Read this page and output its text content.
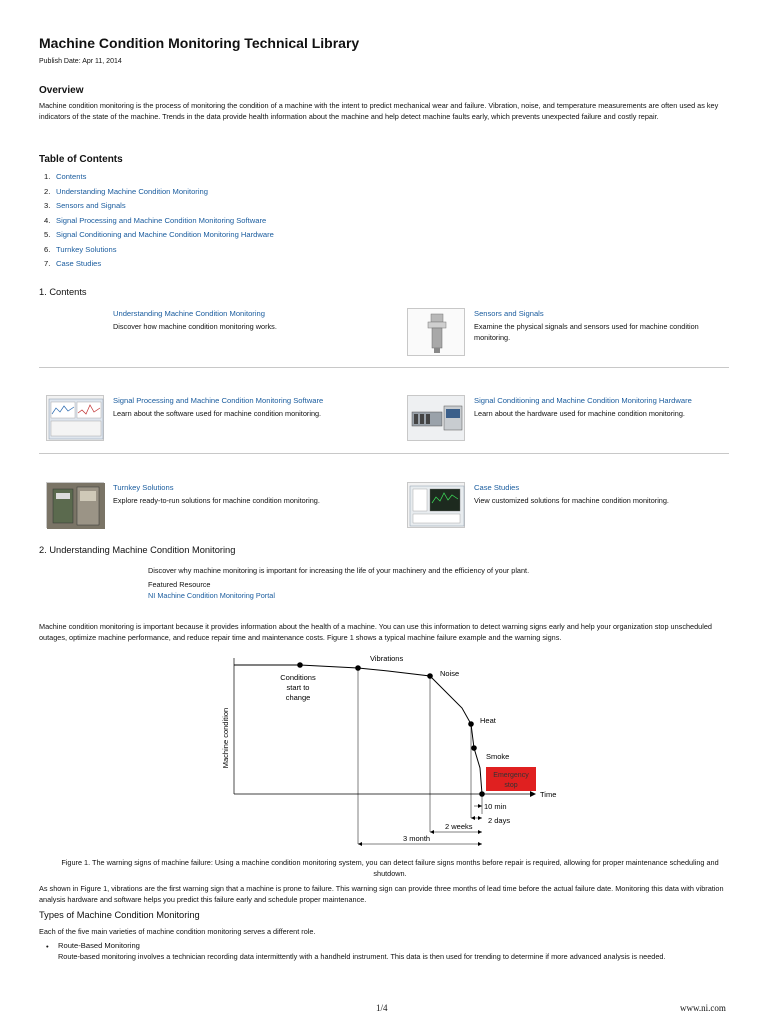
Machine Condition Monitoring Technical Library
Publish Date: Apr 11, 2014
Overview
Machine condition monitoring is the process of monitoring the condition of a machine with the intent to predict mechanical wear and failure. Vibration, noise, and temperature measurements are often used as key indicators of the state of the machine. Trends in the data provide health information about the machine and help detect machine faults early, which prevents unexpected failure and costly repair.
Table of Contents
1. Contents
2. Understanding Machine Condition Monitoring
3. Sensors and Signals
4. Signal Processing and Machine Condition Monitoring Software
5. Signal Conditioning and Machine Condition Monitoring Hardware
6. Turnkey Solutions
7. Case Studies
1. Contents
Understanding Machine Condition Monitoring
Discover how machine condition monitoring works.
Sensors and Signals
Examine the physical signals and sensors used for machine condition monitoring.
Signal Processing and Machine Condition Monitoring Software
Learn about the software used for machine condition monitoring.
Signal Conditioning and Machine Condition Monitoring Hardware
Learn about the hardware used for machine condition monitoring.
Turnkey Solutions
Explore ready-to-run solutions for machine condition monitoring.
Case Studies
View customized solutions for machine condition monitoring.
2. Understanding Machine Condition Monitoring
Discover why machine monitoring is important for increasing the life of your machinery and the efficiency of your plant.
Featured Resource
NI Machine Condition Monitoring Portal
Machine condition monitoring is important because it provides information about the health of a machine. You can use this information to detect warning signs early and help your organization stop unscheduled outages, optimize machine performance, and reduce repair time and maintenance costs. Figure 1 shows a typical machine failure example and the warning signs.
Machine condition
Time
Conditions
start to
change
Vibrations
Noise
Heat
Smoke
Emergency
stop
10 min
2 days
2 weeks
3 month
Figure 1. The warning signs of machine failure: Using a machine condition monitoring system, you can detect failure signs months before repair is required, allowing for proper maintenance scheduling and shutdown.
As shown in Figure 1, vibrations are the first warning sign that a machine is prone to failure. This warning sign can provide three months of lead time before the actual failure date. Monitoring this data with vibration analysis hardware and software helps you predict this failure early and schedule proper maintenance.
Types of Machine Condition Monitoring
Each of the five main varieties of machine condition monitoring serves a different role.
• Route-Based Monitoring
Route-based monitoring involves a technician recording data intermittently with a handheld instrument. This data is then used for trending to determine if more advanced analysis is needed.
1/4	www.ni.com
